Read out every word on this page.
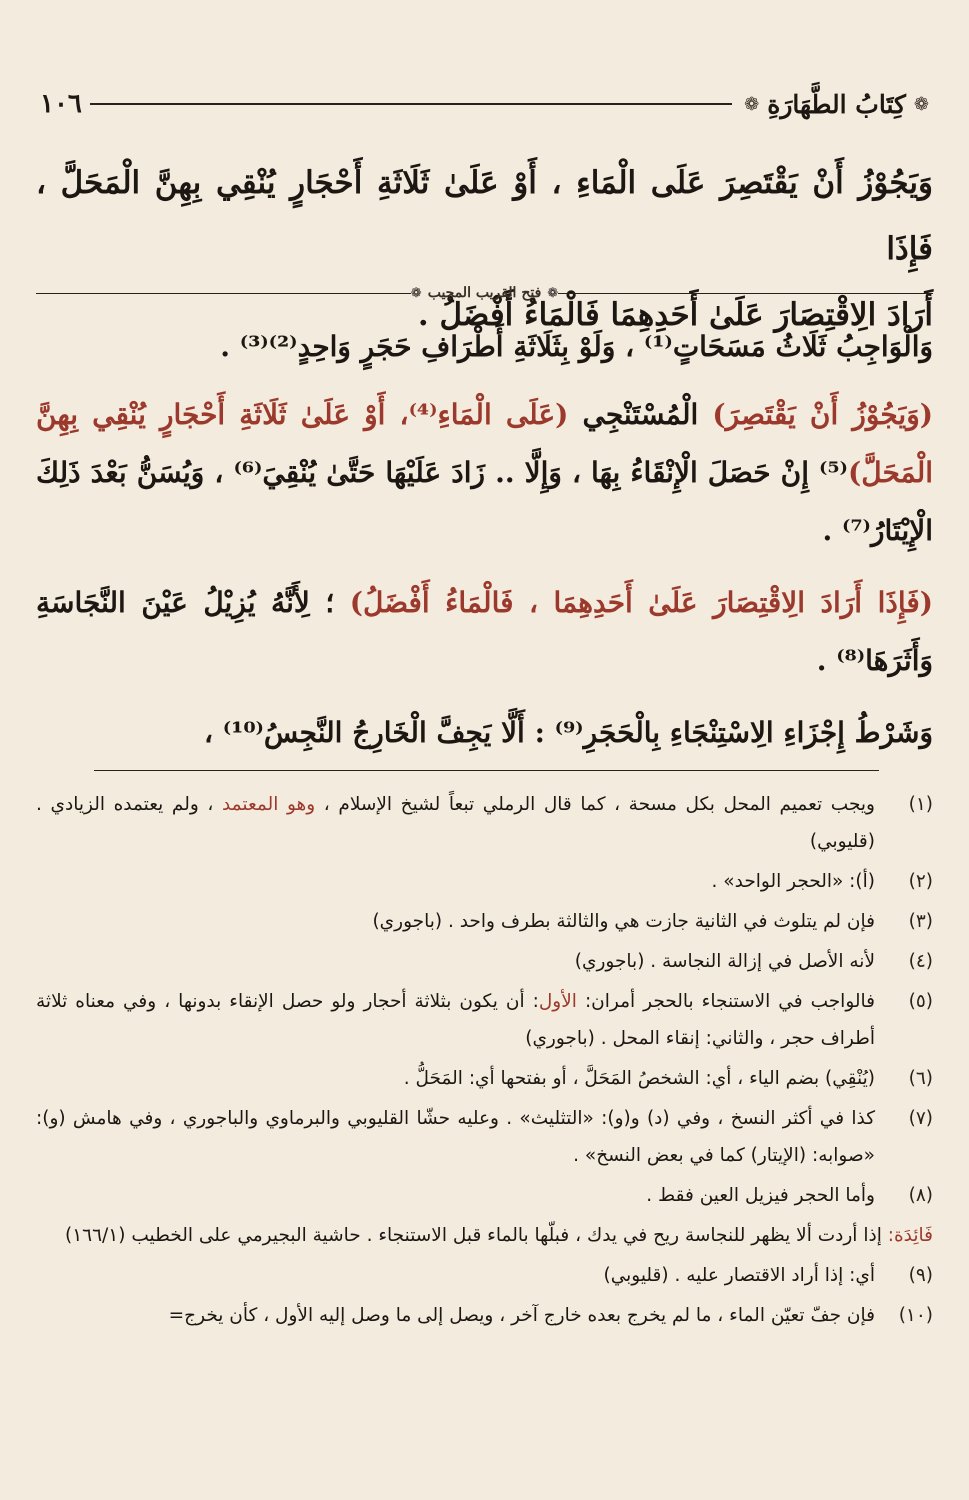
❁
كِتَابُ الطَّهَارَةِ
❁
١٠٦

وَيَجُوْزُ أَنْ يَقْتَصِرَ عَلَى الْمَاءِ ، أَوْ عَلَىٰ ثَلَاثَةِ أَحْجَارٍ يُنْقِي بِهِنَّ الْمَحَلَّ ، فَإِذَا

أَرَادَ الِاقْتِصَارَ عَلَىٰ أَحَدِهِمَا فَالْمَاءُ أَفْضَلُ .

❁
فتح القريب المجيب
❁

وَالْوَاجِبُ ثَلَاثُ مَسَحَاتٍ⁽¹⁾ ، وَلَوْ بِثَلَاثَةِ أَطْرَافِ حَجَرٍ وَاحِدٍ⁽²⁾⁽³⁾ .

(وَيَجُوْزُ أَنْ يَقْتَصِرَ) الْمُسْتَنْجِي (عَلَى الْمَاءِ⁽⁴⁾، أَوْ عَلَىٰ ثَلَاثَةِ أَحْجَارٍ يُنْقِي بِهِنَّ الْمَحَلَّ)⁽⁵⁾ إِنْ حَصَلَ الْإِنْقَاءُ بِهَا ، وَإِلَّا .. زَادَ عَلَيْهَا حَتَّىٰ يُنْقِيَ⁽⁶⁾ ، وَيُسَنُّ بَعْدَ ذَلِكَ الْإِيْتَارُ⁽⁷⁾ .

(فَإِذَا أَرَادَ الِاقْتِصَارَ عَلَىٰ أَحَدِهِمَا ، فَالْمَاءُ أَفْضَلُ) ؛ لِأَنَّهُ يُزِيْلُ عَيْنَ النَّجَاسَةِ وَأَثَرَهَا⁽⁸⁾ .

وَشَرْطُ إِجْزَاءِ الِاسْتِنْجَاءِ بِالْحَجَرِ⁽⁹⁾ : أَلَّا يَجِفَّ الْخَارِجُ النَّجِسُ⁽¹⁰⁾ ،

(١)
ويجب تعميم المحل بكل مسحة ، كما قال الرملي تبعاً لشيخ الإسلام ، وهو المعتمد ، ولم يعتمده الزيادي . (قليوبي)
(٢)
(أ): «الحجر الواحد» .
(٣)
فإن لم يتلوث في الثانية جازت هي والثالثة بطرف واحد . (باجوري)
(٤)
لأنه الأصل في إزالة النجاسة . (باجوري)
(٥)
فالواجب في الاستنجاء بالحجر أمران: الأول: أن يكون بثلاثة أحجار ولو حصل الإنقاء بدونها ، وفي معناه ثلاثة أطراف حجر ، والثاني: إنقاء المحل . (باجوري)
(٦)
(يُنْقِي) بضم الياء ، أي: الشخصُ المَحَلَّ ، أو بفتحها أي: المَحَلُّ .
(٧)
كذا في أكثر النسخ ، وفي (د) و(و): «التثليث» . وعليه حشّا القليوبي والبرماوي والباجوري ، وفي هامش (و): «صوابه: (الإيتار) كما في بعض النسخ» .
(٨)
وأما الحجر فيزيل العين فقط .
فَائِدَة: إذا أردت ألا يظهر للنجاسة ريح في يدك ، فبلّها بالماء قبل الاستنجاء . حاشية البجيرمي على الخطيب (١٦٦/١)
(٩)
أي: إذا أراد الاقتصار عليه . (قليوبي)
(١٠)
فإن جفّ تعيّن الماء ، ما لم يخرج بعده خارج آخر ، ويصل إلى ما وصل إليه الأول ، كأن يخرج=
